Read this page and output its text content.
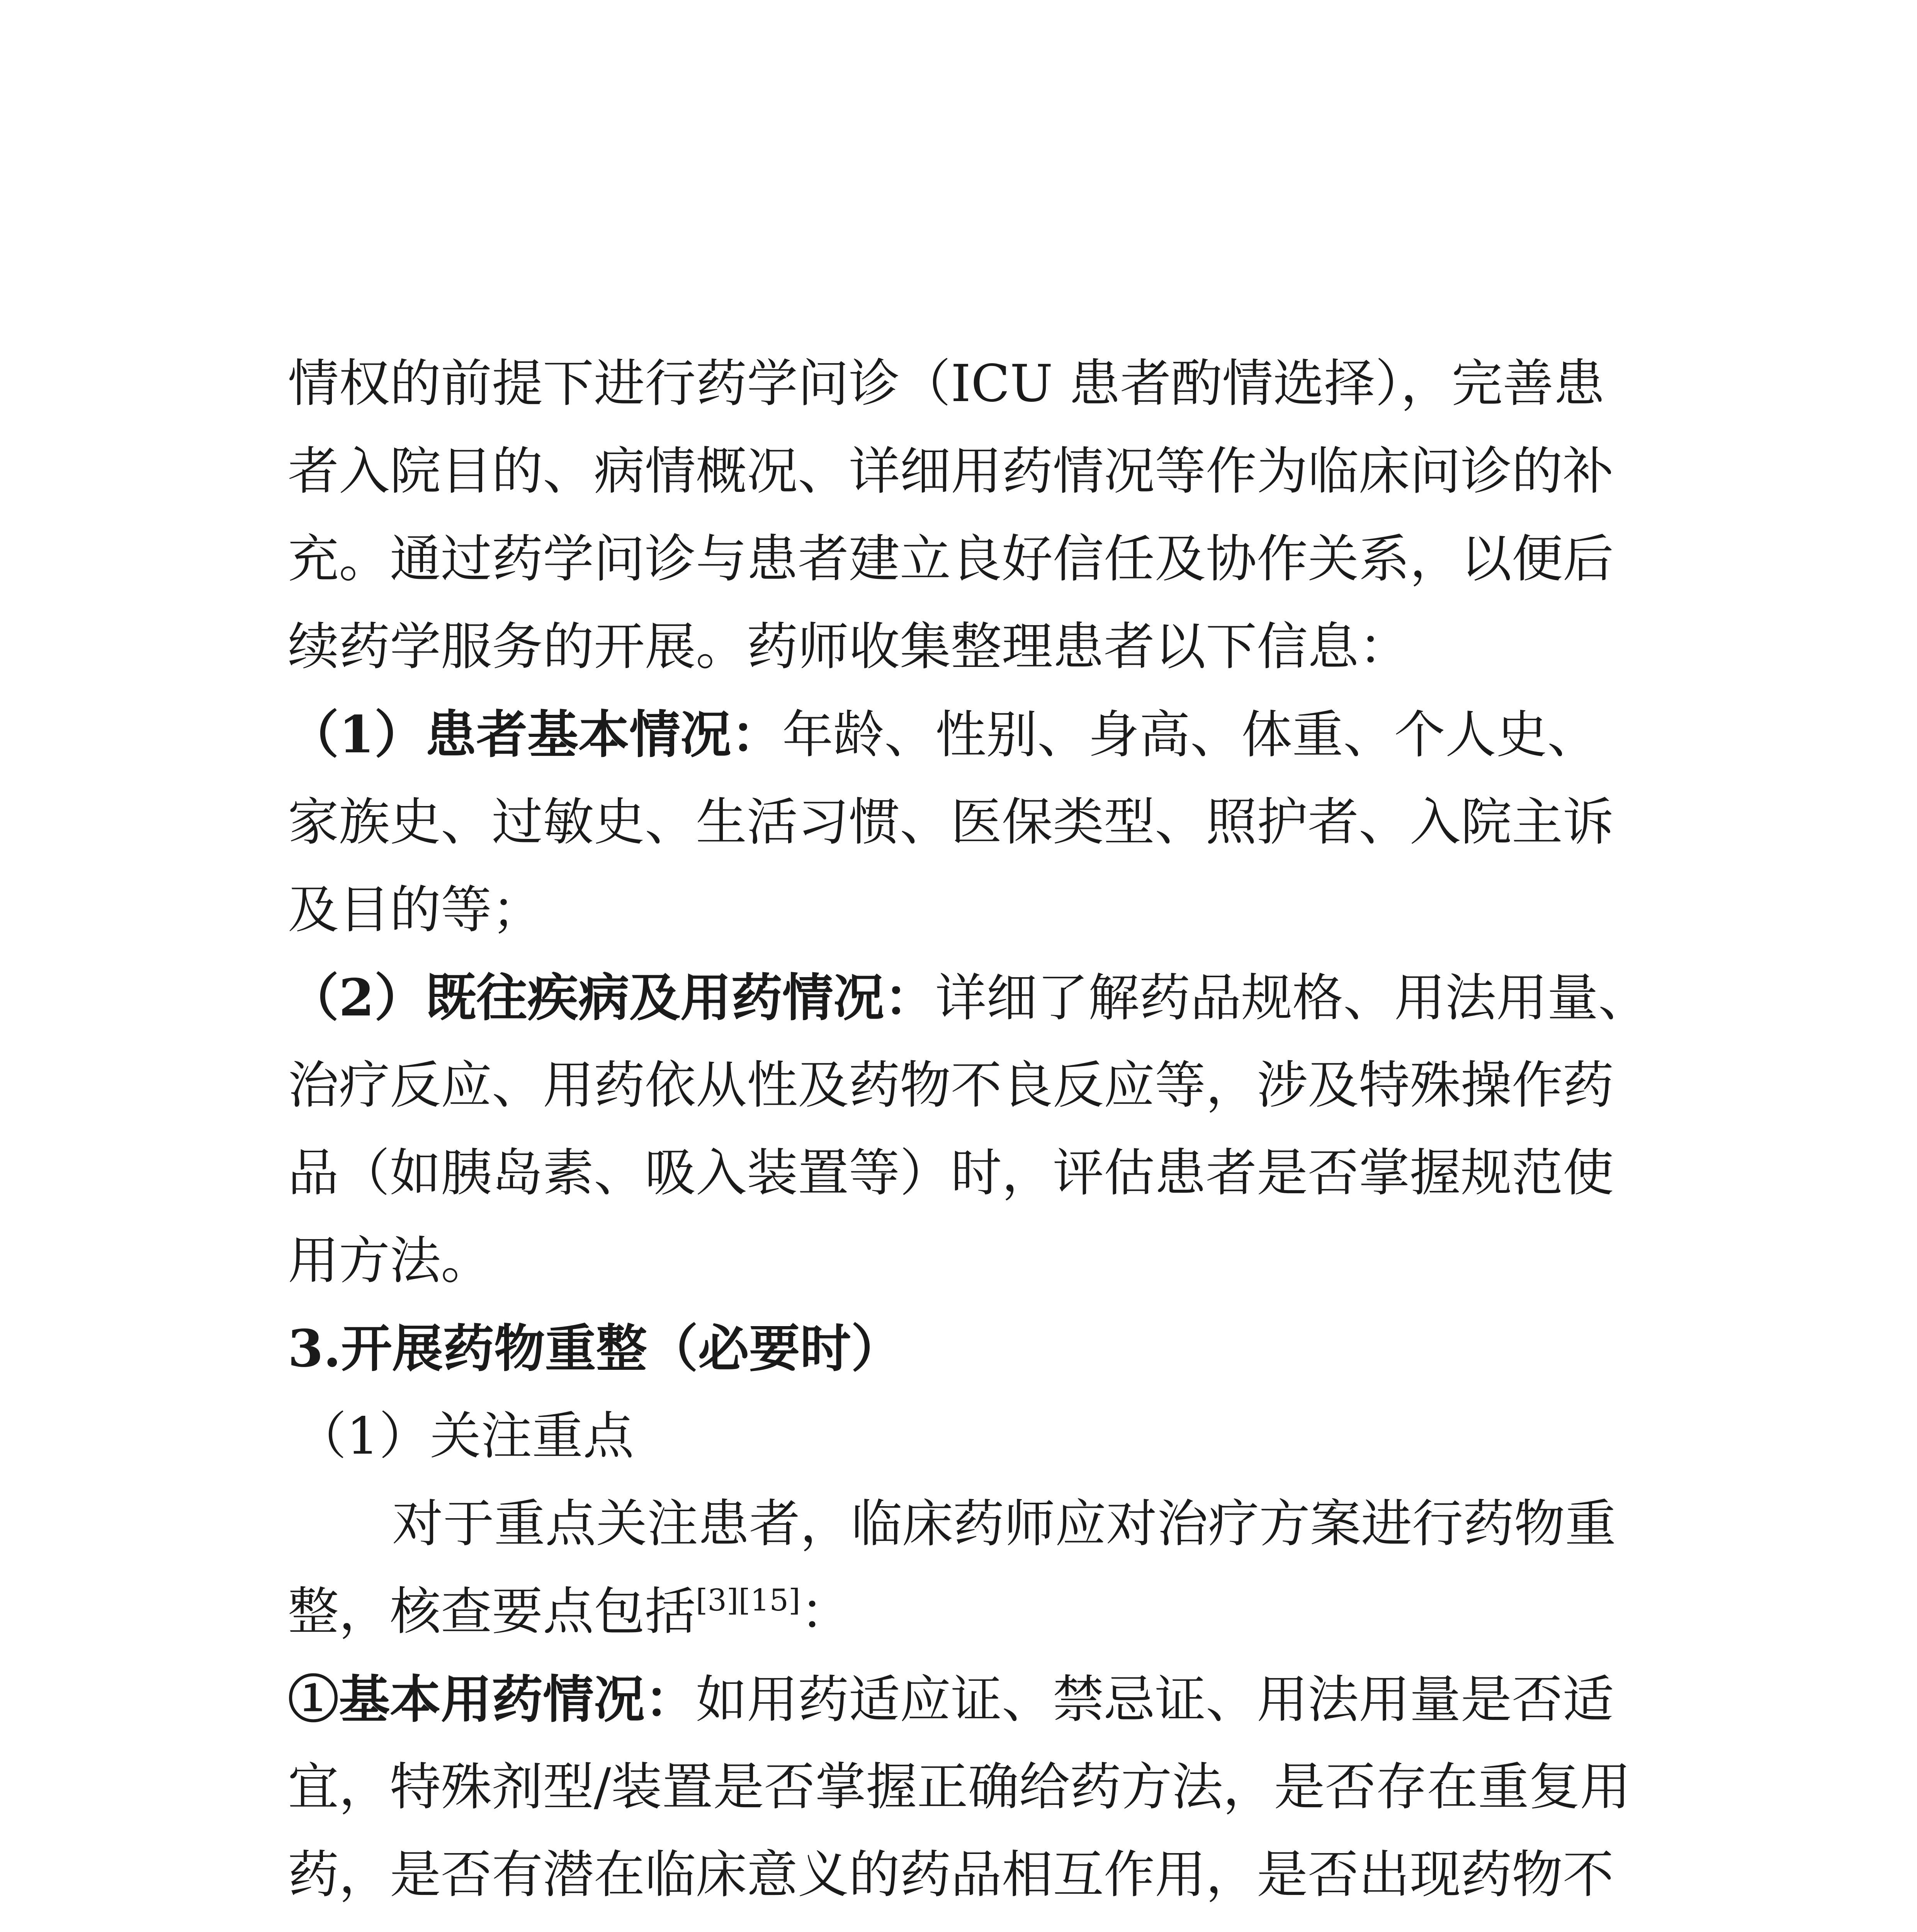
情权的前提下进行药学问诊（ICU 患者酌情选择），完善患
者入院目的、病情概况、详细用药情况等作为临床问诊的补
充。通过药学问诊与患者建立良好信任及协作关系，以便后
续药学服务的开展。药师收集整理患者以下信息：
（1）患者基本情况：年龄、性别、身高、体重、个人史、
家族史、过敏史、生活习惯、医保类型、照护者、入院主诉
及目的等；
（2）既往疾病及用药情况：详细了解药品规格、用法用量、
治疗反应、用药依从性及药物不良反应等，涉及特殊操作药
品（如胰岛素、吸入装置等）时，评估患者是否掌握规范使
用方法。
3.开展药物重整（必要时）
（1）关注重点
对于重点关注患者，临床药师应对治疗方案进行药物重
整，核查要点包括[3][15]：
①基本用药情况：如用药适应证、禁忌证、用法用量是否适
宜，特殊剂型/装置是否掌握正确给药方法，是否存在重复用
药，是否有潜在临床意义的药品相互作用，是否出现药物不
